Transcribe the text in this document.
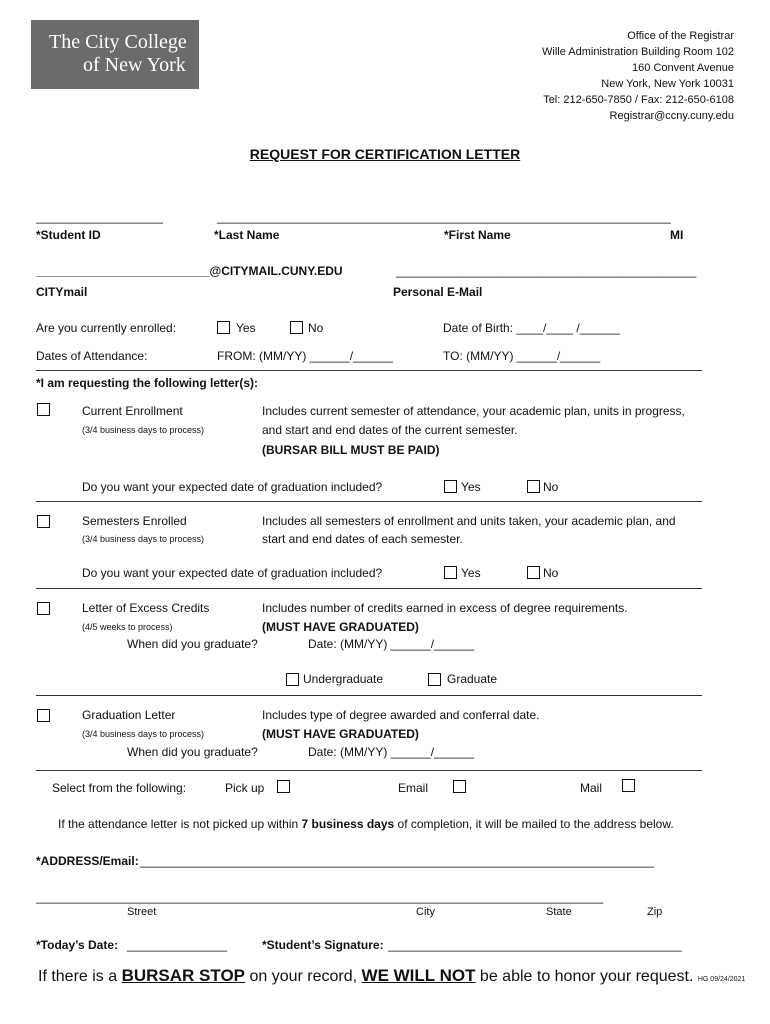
The City College
of New York
Office of the Registrar
Wille Administration Building Room 102
160 Convent Avenue
New York, New York 10031
Tel: 212-650-7850 / Fax: 212-650-6108
Registrar@ccny.cuny.edu
REQUEST FOR CERTIFICATION LETTER
___________________	____________________________________________________________________
*Student ID	*Last Name	*First Name	MI
__________________________@CITYMAIL.CUNY.EDU	_____________________________________________
CITYmail	Personal E-Mail
Are you currently enrolled:	Yes	No	Date of Birth: ____/____ /______
Dates of Attendance:	FROM: (MM/YY) ______/______	TO: (MM/YY) ______/______
*I am requesting the following letter(s):
Current Enrollment
(3/4 business days to process)
Includes current semester of attendance, your academic plan, units in progress,
and start and end dates of the current semester.
(BURSAR BILL MUST BE PAID)
Do you want your expected date of graduation included?	Yes	No
Semesters Enrolled
(3/4 business days to process)
Includes all semesters of enrollment and units taken, your academic plan, and
start and end dates of each semester.
Do you want your expected date of graduation included?	Yes	No
Letter of Excess Credits
(4/5 weeks to process)
Includes number of credits earned in excess of degree requirements.
(MUST HAVE GRADUATED)
When did you graduate?	Date: (MM/YY) ______/______
Undergraduate	Graduate
Graduation Letter
(3/4 business days to process)
Includes type of degree awarded and conferral date.
(MUST HAVE GRADUATED)
When did you graduate?	Date: (MM/YY) ______/______
Select from the following:	Pick up	Email	Mail
If the attendance letter is not picked up within 7 business days of completion, it will be mailed to the address below.
*ADDRESS/Email: _____________________________________________________________________________
_____________________________________________________________________________________
Street	City	State	Zip
*Today’s Date: _______________	*Student’s Signature: ____________________________________________
If there is a BURSAR STOP on your record, WE WILL NOT be able to honor your request. HG 09/24/2021
